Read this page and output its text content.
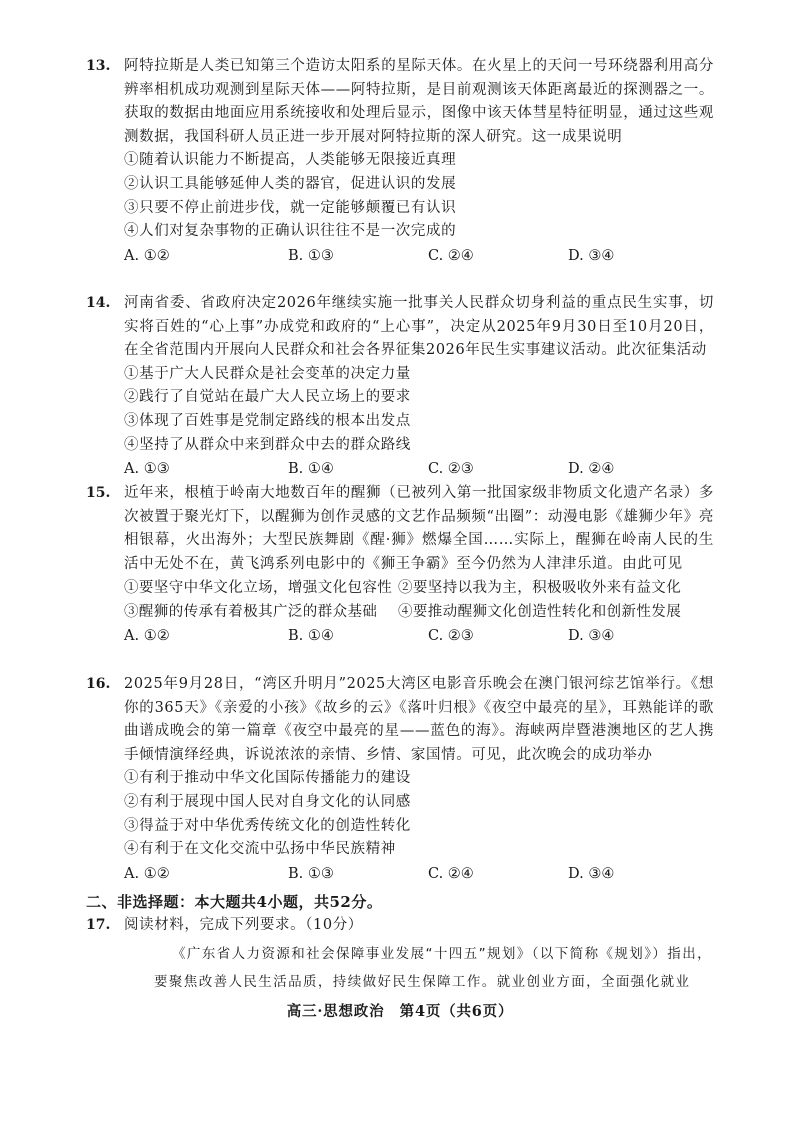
13. 阿特拉斯是人类已知第三个造访太阳系的星际天体。在火星上的天问一号环绕器利用高分辨率相机成功观测到星际天体——阿特拉斯，是目前观测该天体距离最近的探测器之一。获取的数据由地面应用系统接收和处理后显示，图像中该天体彗星特征明显，通过这些观测数据，我国科研人员正进一步开展对阿特拉斯的深人研究。这一成果说明
①随着认识能力不断提高，人类能够无限接近真理
②认识工具能够延伸人类的器官，促进认识的发展
③只要不停止前进步伐，就一定能够颠覆已有认识
④人们对复杂事物的正确认识往往不是一次完成的
A. ①②	B. ①③	C. ②④	D. ③④
14. 河南省委、省政府决定2026年继续实施一批事关人民群众切身利益的重点民生实事，切实将百姓的“心上事”办成党和政府的“上心事”，决定从2025年9月30日至10月20日，在全省范围内开展向人民群众和社会各界征集2026年民生实事建议活动。此次征集活动
①基于广大人民群众是社会变革的决定力量
②践行了自觉站在最广大人民立场上的要求
③体现了百姓事是党制定路线的根本出发点
④坚持了从群众中来到群众中去的群众路线
A. ①③	B. ①④	C. ②③	D. ②④
15. 近年来，根植于岭南大地数百年的醒狮（已被列入第一批国家级非物质文化遗产名录）多次被置于聚光灯下，以醒狮为创作灵感的文艺作品频频“出圈”：动漫电影《雄狮少年》亮相银幕，火出海外；大型民族舞剧《醒·狮》燃爆全国……实际上，醒狮在岭南人民的生活中无处不在，黄飞鸿系列电影中的《狮王争霸》至今仍然为人津津乐道。由此可见
①要坚守中华文化立场，增强文化包容性 ②要坚持以我为主，积极吸收外来有益文化
③醒狮的传承有着极其广泛的群众基础 ④要推动醒狮文化创造性转化和创新性发展
A. ①②	B. ①④	C. ②③	D. ③④
16. 2025年9月28日，“湾区升明月”2025大湾区电影音乐晚会在澳门银河综艺馆举行。《想你的365天》《亲爱的小孩》《故乡的云》《落叶归根》《夜空中最亮的星》，耳熟能详的歌曲谱成晚会的第一篇章《夜空中最亮的星——蓝色的海》。海峡两岸暨港澳地区的艺人携手倾情演绎经典，诉说浓浓的亲情、乡情、家国情。可见，此次晚会的成功举办
①有利于推动中华文化国际传播能力的建设
②有利于展现中国人民对自身文化的认同感
③得益于对中华优秀传统文化的创造性转化
④有利于在文化交流中弘扬中华民族精神
A. ①②	B. ①③	C. ②④	D. ③④
二、非选择题：本大题共4小题，共52分。
17. 阅读材料，完成下列要求。（10分）
《广东省人力资源和社会保障事业发展“十四五”规划》（以下简称《规划》）指出，要聚焦改善人民生活品质，持续做好民生保障工作。就业创业方面，全面强化就业
高三·思想政治　第4页（共6页）
